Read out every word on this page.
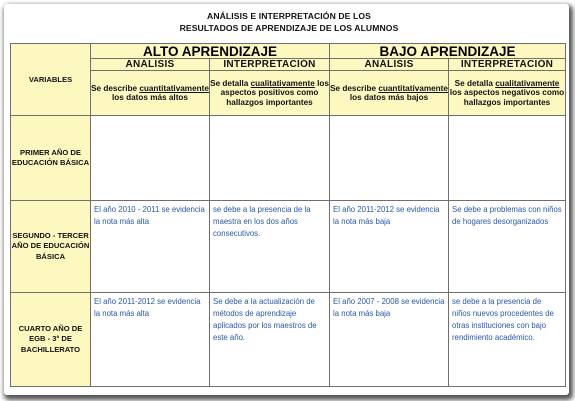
ANÁLISIS E INTERPRETACIÓN DE LOS
RESULTADOS DE APRENDIZAJE DE LOS ALUMNOS
VARIABLES	ALTO APRENDIZAJE		BAJO APRENDIZAJE	
	ANÁLISIS	INTERPRETACIÓN	ANÁLISIS	INTERPRETACIÓN
	Se describe cuantitativamente los datos más altos	Se detalla cualitativamente los aspectos positivos como hallazgos importantes	Se describe cuantitativamente los datos más bajos	Se detalla cualitativamente los aspectos negativos como hallazgos importantes
PRIMER AÑO DE EDUCACIÓN BÁSICA				
SEGUNDO - TERCER AÑO DE EDUCACIÓN BÁSICA	El año 2010 - 2011 se evidencia la nota más alta	se debe a la presencia de la maestra en los dos años consecutivos.	El año 2011-2012 se evidencia la nota más baja	Se debe a problemas con niños de hogares desorganizados
CUARTO AÑO DE EGB - 3º DE BACHILLERATO	El año 2011-2012 se evidencia la nota más alta	Se debe a la actualización de métodos de aprendizaje aplicados por los maestros de este año.	El año 2007 - 2008 se evidencia la nota más baja	se debe a la presencia de niños nuevos procedentes de otras instituciones con bajo rendimiento académico.
